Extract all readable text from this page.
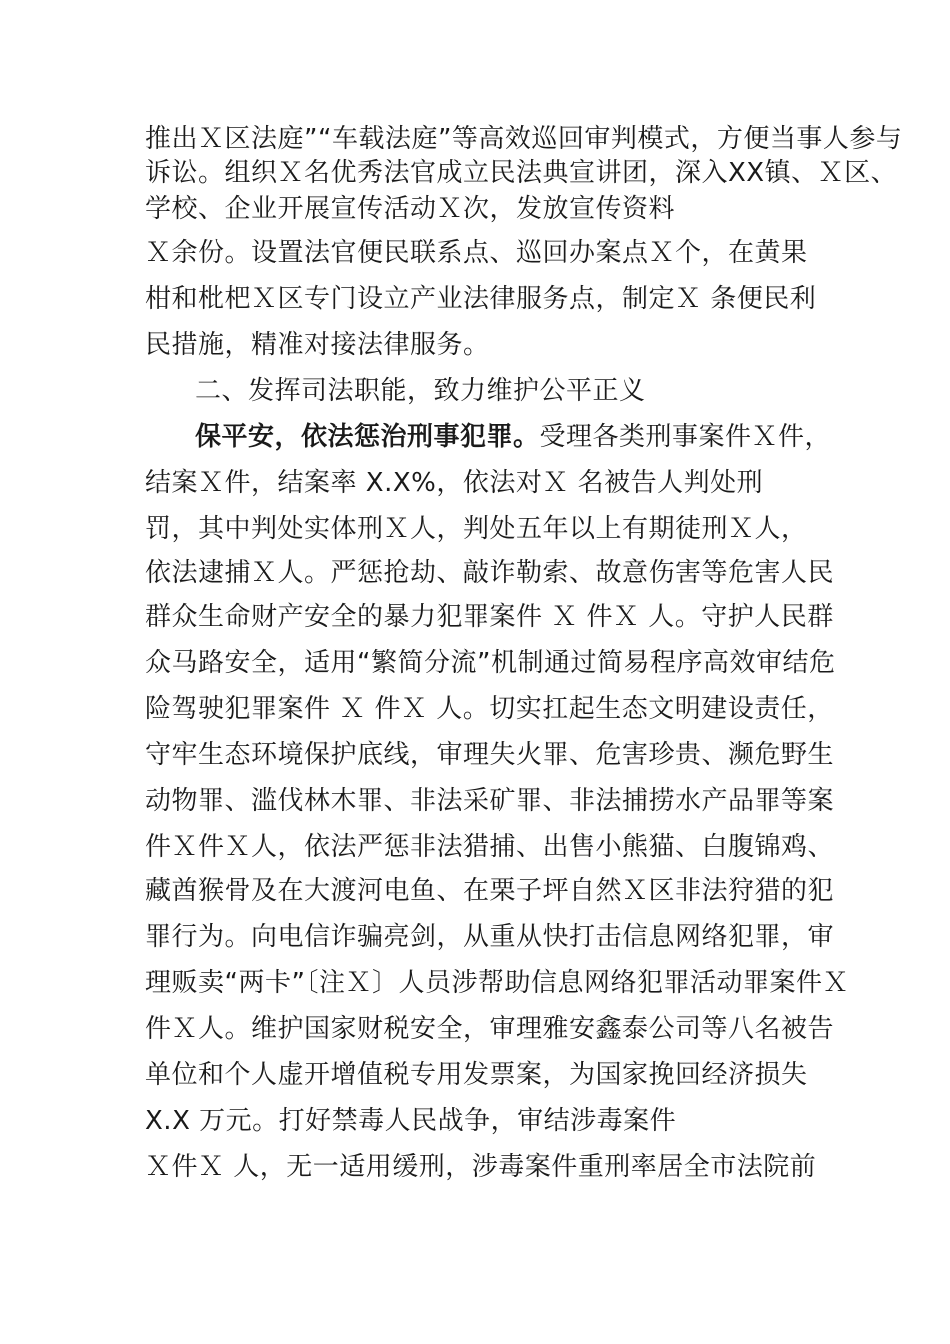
推出Ｘ区法庭”“车载法庭”等高效巡回审判模式，方便当事人参与
诉讼。组织Ｘ名优秀法官成立民法典宣讲团，深入XX镇、Ｘ区、
学校、企业开展宣传活动Ｘ次，发放宣传资料
Ｘ余份。设置法官便民联系点、巡回办案点Ｘ个，在黄果
柑和枇杷Ｘ区专门设立产业法律服务点，制定Ｘ 条便民利
民措施，精准对接法律服务。
二、发挥司法职能，致力维护公平正义
保平安，依法惩治刑事犯罪。受理各类刑事案件Ｘ件，
结案Ｘ件，结案率 X.X%，依法对Ｘ 名被告人判处刑
罚，其中判处实体刑Ｘ人，判处五年以上有期徒刑Ｘ人，
依法逮捕Ｘ人。严惩抢劫、敲诈勒索、故意伤害等危害人民
群众生命财产安全的暴力犯罪案件 Ｘ 件Ｘ 人。守护人民群
众马路安全，适用“繁简分流”机制通过简易程序高效审结危
险驾驶犯罪案件 Ｘ 件Ｘ 人。切实扛起生态文明建设责任，
守牢生态环境保护底线，审理失火罪、危害珍贵、濒危野生
动物罪、滥伐林木罪、非法采矿罪、非法捕捞水产品罪等案
件Ｘ件Ｘ人，依法严惩非法猎捕、出售小熊猫、白腹锦鸡、
藏酋猴骨及在大渡河电鱼、在栗子坪自然Ｘ区非法狩猎的犯
罪行为。向电信诈骗亮剑，从重从快打击信息网络犯罪，审
理贩卖“两卡”〔注Ｘ〕人员涉帮助信息网络犯罪活动罪案件Ｘ
件Ｘ人。维护国家财税安全，审理雅安鑫泰公司等八名被告
单位和个人虚开增值税专用发票案，为国家挽回经济损失
X.X 万元。打好禁毒人民战争，审结涉毒案件
Ｘ件Ｘ 人，无一适用缓刑，涉毒案件重刑率居全市法院前
